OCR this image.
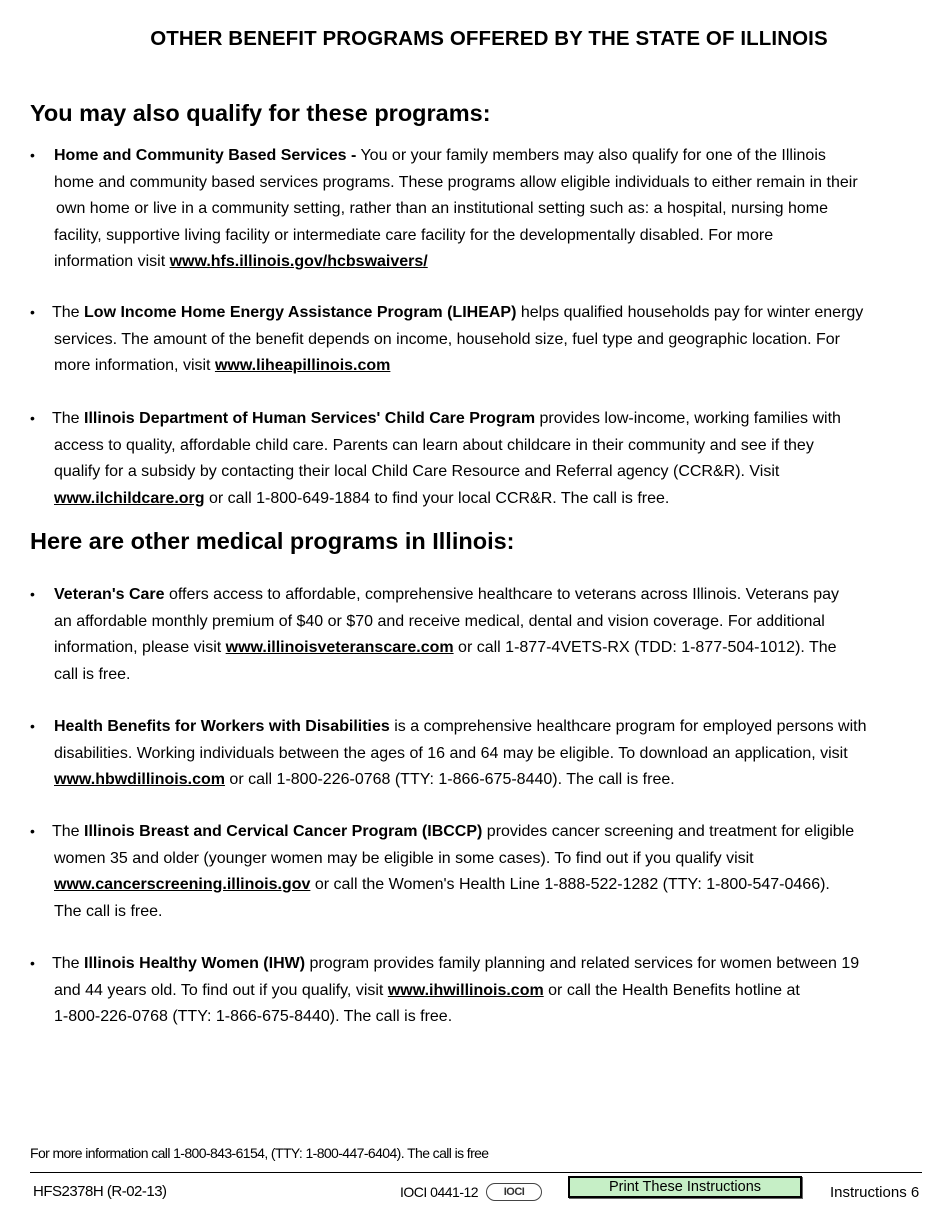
OTHER BENEFIT PROGRAMS OFFERED BY THE STATE OF ILLINOIS
You may also qualify for these programs:
• Home and Community Based Services - You or your family members may also qualify for one of the Illinois
home and community based services programs. These programs allow eligible individuals to either remain in their
own home or live in a community setting, rather than an institutional setting such as: a hospital, nursing home
facility, supportive living facility or intermediate care facility for the developmentally disabled. For more
information visit www.hfs.illinois.gov/hcbswaivers/
• The Low Income Home Energy Assistance Program (LIHEAP) helps qualified households pay for winter energy
services. The amount of the benefit depends on income, household size, fuel type and geographic location. For
more information, visit www.liheapillinois.com
• The Illinois Department of Human Services' Child Care Program provides low-income, working families with
access to quality, affordable child care. Parents can learn about childcare in their community and see if they
qualify for a subsidy by contacting their local Child Care Resource and Referral agency (CCR&R). Visit
www.ilchildcare.org or call 1-800-649-1884 to find your local CCR&R. The call is free.
Here are other medical programs in Illinois:
• Veteran's Care offers access to affordable, comprehensive healthcare to veterans across Illinois. Veterans pay
an affordable monthly premium of $40 or $70 and receive medical, dental and vision coverage. For additional
information, please visit www.illinoisveteranscare.com or call 1-877-4VETS-RX (TDD: 1-877-504-1012). The
call is free.
• Health Benefits for Workers with Disabilities is a comprehensive healthcare program for employed persons with
disabilities. Working individuals between the ages of 16 and 64 may be eligible. To download an application, visit
www.hbwdillinois.com or call 1-800-226-0768 (TTY: 1-866-675-8440). The call is free.
• The Illinois Breast and Cervical Cancer Program (IBCCP) provides cancer screening and treatment for eligible
women 35 and older (younger women may be eligible in some cases). To find out if you qualify visit
www.cancerscreening.illinois.gov or call the Women's Health Line 1-888-522-1282 (TTY: 1-800-547-0466).
The call is free.
• The Illinois Healthy Women (IHW) program provides family planning and related services for women between 19
and 44 years old. To find out if you qualify, visit www.ihwillinois.com or call the Health Benefits hotline at
1-800-226-0768 (TTY: 1-866-675-8440). The call is free.
For more information call 1-800-843-6154, (TTY: 1-800-447-6404). The call is free
HFS2378H (R-02-13)	IOCI 0441-12	IOCI	Print These Instructions	Instructions 6
